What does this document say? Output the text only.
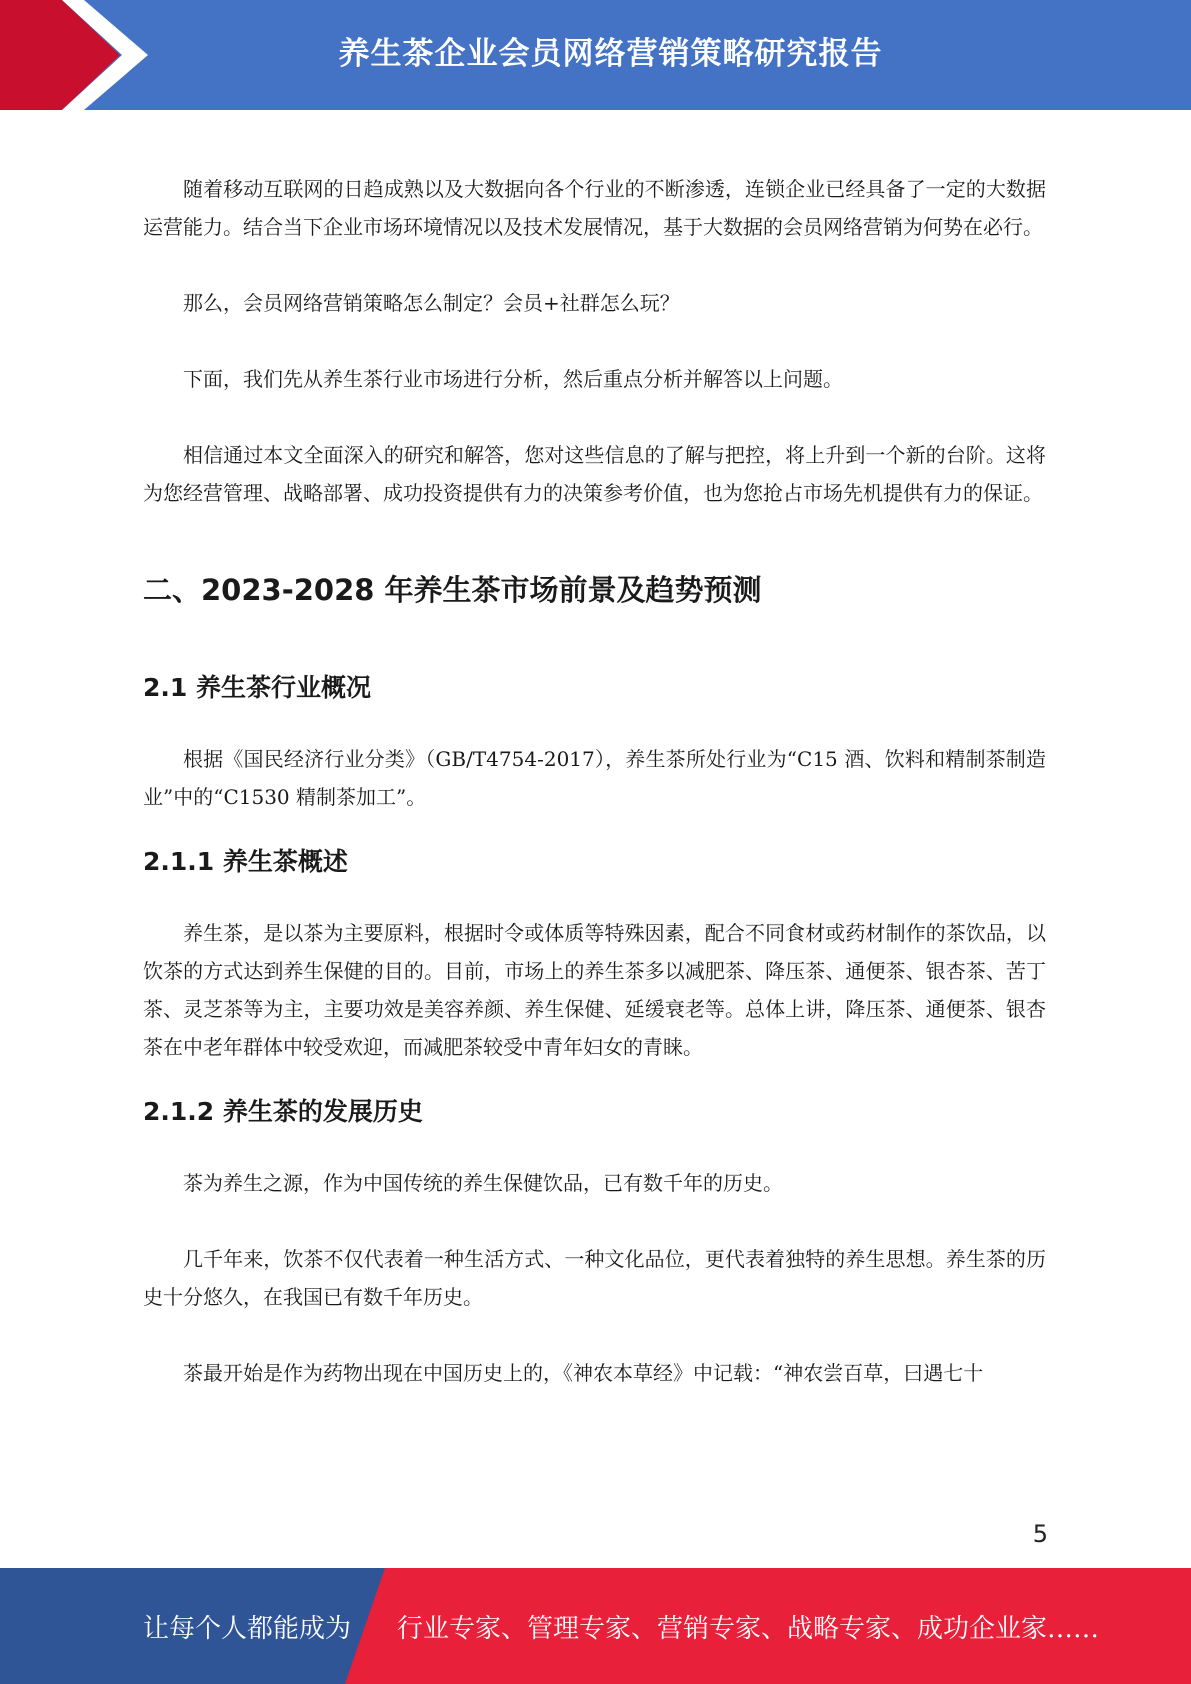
养生茶企业会员网络营销策略研究报告

随着移动互联网的日趋成熟以及大数据向各个行业的不断渗透，连锁企业已经具备了一定的大数据运营能力。结合当下企业市场环境情况以及技术发展情况，基于大数据的会员网络营销为何势在必行。

那么，会员网络营销策略怎么制定？会员+社群怎么玩？

下面，我们先从养生茶行业市场进行分析，然后重点分析并解答以上问题。

相信通过本文全面深入的研究和解答，您对这些信息的了解与把控，将上升到一个新的台阶。这将为您经营管理、战略部署、成功投资提供有力的决策参考价值，也为您抢占市场先机提供有力的保证。

二、2023-2028 年养生茶市场前景及趋势预测
2.1 养生茶行业概况

根据《国民经济行业分类》（GB/T4754-2017），养生茶所处行业为“C15 酒、饮料和精制茶制造业”中的“C1530 精制茶加工”。

2.1.1 养生茶概述

养生茶，是以茶为主要原料，根据时令或体质等特殊因素，配合不同食材或药材制作的茶饮品，以饮茶的方式达到养生保健的目的。目前，市场上的养生茶多以减肥茶、降压茶、通便茶、银杏茶、苦丁茶、灵芝茶等为主，主要功效是美容养颜、养生保健、延缓衰老等。总体上讲，降压茶、通便茶、银杏茶在中老年群体中较受欢迎，而减肥茶较受中青年妇女的青睐。

2.1.2 养生茶的发展历史

茶为养生之源，作为中国传统的养生保健饮品，已有数千年的历史。

几千年来，饮茶不仅代表着一种生活方式、一种文化品位，更代表着独特的养生思想。养生茶的历史十分悠久，在我国已有数千年历史。

茶最开始是作为药物出现在中国历史上的，《神农本草经》中记载：“神农尝百草，曰遇七十

5
让每个人都能成为 行业专家、管理专家、营销专家、战略专家、成功企业家……
